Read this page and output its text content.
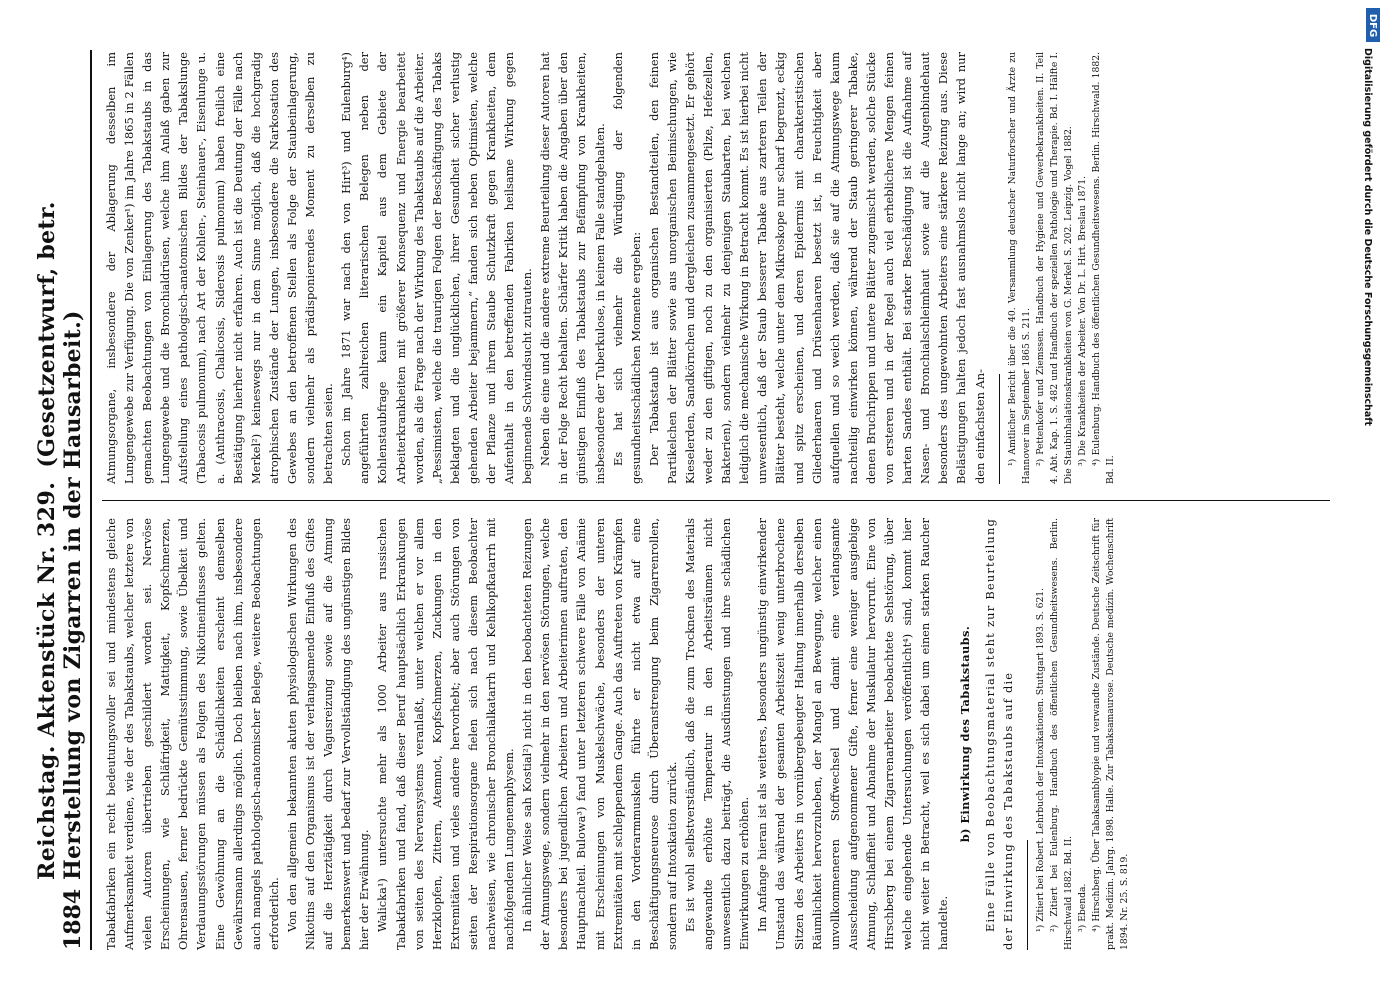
1884
Reichstag. Aktenstück Nr. 329.(Gesetzentwurf, betr. Herstellung von Zigarren in der Hausarbeit.) Tabakfabriken ein recht bedeutungsvoller sei und mindestens gleiche Aufmerksamkeit verdiene, wie der des Tabakstaubs, welcher letztere von vielen Autoren übertrieben geschildert worden sei. Nervöse Erscheinungen, wie Schläfrigkeit, Mattigkeit, Kopfschmerzen, Ohrensausen, ferner bedrückte Gemütsstimmung, sowie Übelkeit und Verdauungsstörungen müssen als Folgen des Nikotineinflusses gelten. Eine Gewöhnung an die Schädlichkeiten erscheint demselben Gewährsmann allerdings möglich. Doch bleiben nach ihm, insbesondere auch mangels pathologisch-anatomischer Belege, weitere Beobachtungen erforderlich. Von den allgemein bekannten akuten physiologischen Wirkungen des Nikotins auf den Organismus ist der verlangsamende Einfluß des Giftes auf die Herztätigkeit durch Vagusreizung sowie auf die Atmung bemerkenswert und bedarf zur Vervollständigung des ungünstigen Bildes hier der Erwähnung. Walicka¹) untersuchte mehr als 1000 Arbeiter aus russischen Tabakfabriken und fand, daß dieser Beruf hauptsächlich Erkrankungen von seiten des Nervensystems veranlaßt, unter welchen er vor allem Herzklopfen, Zittern, Atemnot, Kopfschmerzen, Zuckungen in den Extremitäten und vieles andere hervorhebt; aber auch Störungen von seiten der Respirationsorgane fielen sich nach diesem Beobachter nachweisen, wie chronischer Bronchialkatarrh und Kehlkopfkatarrh mit nachfolgendem Lungenemphysem. In ähnlicher Weise sah Kostial²) nicht in den beobachteten Reizungen der Atmungswege, sondern vielmehr in den nervösen Störungen, welche besonders bei jugendlichen Arbeitern und Arbeiterinnen auftraten, den Hauptnachteil. Bulowa³) fand unter letzteren schwere Fälle von Anämie mit Erscheinungen von Muskelschwäche, besonders der unteren Extremitäten mit schleppendem Gange. Auch das Auftreten von Krämpfen in den Vorderarmmuskeln führte er nicht etwa auf eine Beschäftigungsneurose durch Überanstrengung beim Zigarrenrollen, sondern auf Intoxikation zurück. Es ist wohl selbstverständlich, daß die zum Trocknen des Materials angewandte erhöhte Temperatur in den Arbeitsräumen nicht unwesentlich dazu beiträgt, die Ausdünstungen und ihre schädlichen Einwirkungen zu erhöhen. Im Anfange hieran ist als weiteres, besonders ungünstig einwirkender Umstand das während der gesamten Arbeitszeit wenig unterbrochene Sitzen des Arbeiters in vornübergebeugter Haltung innerhalb derselben Räumlichkeit hervorzuheben, der Mangel an Bewegung, welcher einen unvollkommeneren Stoffwechsel und damit eine verlangsamte Ausscheidung aufgenommener Gifte, ferner eine weniger ausgiebige Atmung, Schlaffheit und Abnahme der Muskulatur hervorruft. Eine von Hirschberg bei einem Zigarrenarbeiter beobachtete Sehstörung, über welche eingehende Untersuchungen veröffentlicht⁴) sind, kommt hier nicht weiter in Betracht, weil es sich dabei um einen starken Raucher handelte.

b) Einwirkung des Tabakstaubs. Eine Fülle von Beobachtungsmaterial steht zur Beurteilung der Einwirkung des Tabakstaubs auf die ¹) Zitiert bei Robert. Lehrbuch der Intoxikationen. Stuttgart 1893. S. 621. ²) Zitiert bei Eulenburg. Handbuch des öffentlichen Gesundheitswesens. Berlin. Hirschwald 1882. Bd. II. ³) Ebenda. ⁴) Hirschberg. Über Tabaksamblyopie und verwandte Zustände. Deutsche Zeitschrift für prakt. Medizin. Jahrg. 1898. Halle. Zur Tabaksamaurose. Deutsche medizin. Wochenschrift 1894. Nr. 25. S. 819.

Atmungsorgane, insbesondere der Ablagerung desselben im Lungengewebe zur Verfügung. Die von Zenker¹) im Jahre 1865 in 2 Fällen gemachten Beobachtungen von Einlagerung des Tabakstaubs in das Lungengewebe und die Bronchialdrüsen, welche ihm Anlaß gaben zur Aufstellung eines pathologisch-anatomischen Bildes der Tabakslunge (Tabacosis pulmonum), nach Art der Kohlen-, Steinhauer-, Eisenlunge u. a. (Anthracosis, Chalicosis, Siderosis pulmonum) haben freilich eine Bestätigung hierher nicht erfahren. Auch ist die Deutung der Fälle nach Merkel²) keineswegs nur in dem Sinne möglich, daß die hochgradig atrophischen Zustände der Lungen, insbesondere die Narkosation des Gewebes an den betroffenen Stellen als Folge der Staubeinlagerung, sondern vielmehr als prädisponierendes Moment zu derselben zu betrachten seien. Schon im Jahre 1871 war nach den von Hirt³) und Eulenburg⁴) angeführten zahlreichen literarischen Belegen neben der Kohlenstaubfrage kaum ein Kapitel aus dem Gebiete der Arbeiterkrankheiten mit größerer Konsequenz und Energie bearbeitet worden, als die Frage nach der Wirkung des Tabakstaubs auf die Arbeiter. „Pessimisten, welche die traurigen Folgen der Beschäftigung des Tabaks beklagten und die unglücklichen, ihrer Gesundheit sicher verlustig gehenden Arbeiter bejammern,“ fanden sich neben Optimisten, welche der Pflanze und ihrem Staube Schutzkraft gegen Krankheiten, dem Aufenthalt in den betreffenden Fabriken heilsame Wirkung gegen beginnende Schwindsucht zutrauten. Neben die eine und die andere extreme Beurteilung dieser Autoren hat in der Folge Recht behalten. Schärfer Kritik haben die Angaben über den günstigen Einfluß des Tabakstaubs zur Befämpfung von Krankheiten, insbesondere der Tuberkulose, in keinem Falle standgehalten. Es hat sich vielmehr die Würdigung der folgenden gesundheitsschädlichen Momente ergeben: Der Tabakstaub ist aus organischen Bestandteilen, den feinen Partikelchen der Blätter sowie aus unorganischen Beimischungen, wie Kieselerden, Sandkörnchen und dergleichen zusammengesetzt. Er gehört weder zu den giftigen, noch zu den organisierten (Pilze, Hefezellen, Bakterien), sondern vielmehr zu denjenigen Staubarten, bei welchen lediglich die mechanische Wirkung in Betracht kommt. Es ist hierbei nicht unwesentlich, daß der Staub besserer Tabake aus zarteren Teilen der Blätter besteht, welche unter dem Mikroskope nur scharf begrenzt, eckig und spitz erscheinen, und deren Epidermis mit charakteristischen Gliederhaaren und Drüsenhaaren besetzt ist, in Feuchtigkeit aber aufquellen und so weich werden, daß sie auf die Atmungswege kaum nachteilig einwirken können, während der Staub geringerer Tabake, denen Bruchrippen und untere Blätter zugemischt werden, solche Stücke von ersteren und in der Regel auch viel erheblichere Mengen feinen harten Sandes enthält. Bei starker Beschädigung ist die Aufnahme auf Nasen- und Bronchialschleimhaut sowie auf die Augenbindehaut besonders des ungewohnten Arbeiters eine stärkere Reizung aus. Diese Belästigungen halten jedoch fast ausnahmslos nicht lange an; wird nur den einfachsten An- ¹) Amtlicher Bericht über die 40. Versammlung deutscher Naturforscher und Ärzte zu Hannover im September 1865 S. 211. ²) Pettenkofer und Ziemssen. Handbuch der Hygiene und Gewerbekrankheiten. II. Teil 4. Abt. Kap. 1. S. 482 und Handbuch der speziellen Pathologie und Therapie. Bd. I. Hälfte I. Die Staubinhalationskrankheiten von G. Merkel. S. 202. Leipzig. Vogel 1882. ³) Die Krankheiten der Arbeiter. Von Dr. L. Hirt. Breslau 1871. ⁴) Eulenburg. Handbuch des öffentlichen Gesundheitswesens. Berlin. Hirschwald. 1882. Bd. II.

DFG
Digitalisierung gefördert durch die Deutsche Forschungsgemeinschaft
